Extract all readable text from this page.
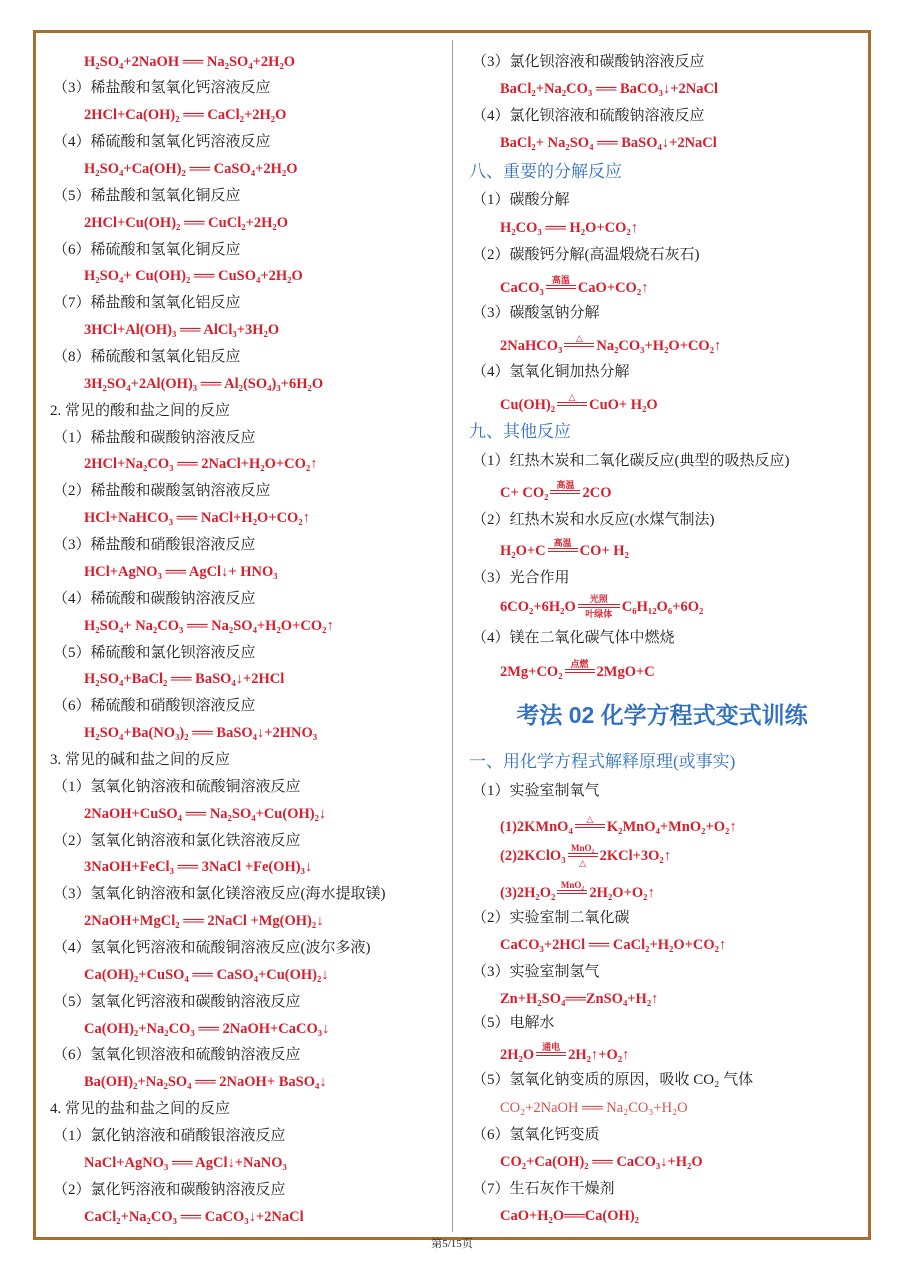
H₂SO₄+2NaOH ══ Na₂SO₄+2H₂O
（3）稀盐酸和氢氧化钙溶液反应
2HCl+Ca(OH)₂ ══ CaCl₂+2H₂O
（4）稀硫酸和氢氧化钙溶液反应
H₂SO₄+Ca(OH)₂ ══ CaSO₄+2H₂O
（5）稀盐酸和氢氧化铜反应
2HCl+Cu(OH)₂ ══ CuCl₂+2H₂O
（6）稀硫酸和氢氧化铜反应
H₂SO₄+ Cu(OH)₂ ══ CuSO₄+2H₂O
（7）稀盐酸和氢氧化铝反应
3HCl+Al(OH)₃ ══ AlCl₃+3H₂O
（8）稀硫酸和氢氧化铝反应
3H₂SO₄+2Al(OH)₃ ══ Al₂(SO₄)₃+6H₂O
2. 常见的酸和盐之间的反应
（1）稀盐酸和碳酸钠溶液反应
2HCl+Na₂CO₃ ══ 2NaCl+H₂O+CO₂↑
（2）稀盐酸和碳酸氢钠溶液反应
HCl+NaHCO₃ ══ NaCl+H₂O+CO₂↑
（3）稀盐酸和硝酸银溶液反应
HCl+AgNO₃ ══ AgCl↓+ HNO₃
（4）稀硫酸和碳酸钠溶液反应
H₂SO₄+ Na₂CO₃ ══ Na₂SO₄+H₂O+CO₂↑
（5）稀硫酸和氯化钡溶液反应
H₂SO₄+BaCl₂ ══ BaSO₄↓+2HCl
（6）稀硫酸和硝酸钡溶液反应
H₂SO₄+Ba(NO₃)₂ ══ BaSO₄↓+2HNO₃
3. 常见的碱和盐之间的反应
（1）氢氧化钠溶液和硫酸铜溶液反应
2NaOH+CuSO₄ ══ Na₂SO₄+Cu(OH)₂↓
（2）氢氧化钠溶液和氯化铁溶液反应
3NaOH+FeCl₃ ══ 3NaCl +Fe(OH)₃↓
（3）氢氧化钠溶液和氯化镁溶液反应(海水提取镁)
2NaOH+MgCl₂ ══ 2NaCl +Mg(OH)₂↓
（4）氢氧化钙溶液和硫酸铜溶液反应(波尔多液)
Ca(OH)₂+CuSO₄ ══ CaSO₄+Cu(OH)₂↓
（5）氢氧化钙溶液和碳酸钠溶液反应
Ca(OH)₂+Na₂CO₃ ══ 2NaOH+CaCO₃↓
（6）氢氧化钡溶液和硫酸钠溶液反应
Ba(OH)₂+Na₂SO₄ ══ 2NaOH+ BaSO₄↓
4. 常见的盐和盐之间的反应
（1）氯化钠溶液和硝酸银溶液反应
NaCl+AgNO₃ ══ AgCl↓+NaNO₃
（2）氯化钙溶液和碳酸钠溶液反应
CaCl₂+Na₂CO₃ ══ CaCO₃↓+2NaCl
（3）氯化钡溶液和碳酸钠溶液反应
BaCl₂+Na₂CO₃ ══ BaCO₃↓+2NaCl
（4）氯化钡溶液和硫酸钠溶液反应
BaCl₂+ Na₂SO₄ ══ BaSO₄↓+2NaCl
八、重要的分解反应
（1）碳酸分解
H₂CO₃ ══ H₂O+CO₂↑
（2）碳酸钙分解(高温煅烧石灰石)
CaCO₃ 高温 CaO+CO₂↑
（3）碳酸氢钠分解
2NaHCO₃ △ Na₂CO₃+H₂O+CO₂↑
（4）氢氧化铜加热分解
Cu(OH)₂ △ CuO+ H₂O
九、其他反应
（1）红热木炭和二氧化碳反应(典型的吸热反应)
C+ CO₂ 高温 2CO
（2）红热木炭和水反应(水煤气制法)
H₂O+C 高温 CO+ H₂
（3）光合作用
6CO₂+6H₂O 光照
叶绿体 C₆H₁₂O₆+6O₂
（4）镁在二氧化碳气体中燃烧
2Mg+CO₂ 点燃 2MgO+C
考法 02 化学方程式变式训练
一、用化学方程式解释原理(或事实)
（1）实验室制氧气
(1)2KMnO₄ △ K₂MnO₄+MnO₂+O₂↑
(2)2KClO₃ MnO₂
△ 2KCl+3O₂↑
(3)2H₂O₂ MnO₂ 2H₂O+O₂↑
（2）实验室制二氧化碳
CaCO₃+2HCl ══ CaCl₂+H₂O+CO₂↑
（3）实验室制氢气
Zn+H₂SO₄══ZnSO₄+H₂↑
（5）电解水
2H₂O 通电 2H₂↑+O₂↑
（5）氢氧化钠变质的原因，吸收 CO₂ 气体
CO₂+2NaOH ══ Na₂CO₃+H₂O
（6）氢氧化钙变质
CO₂+Ca(OH)₂ ══ CaCO₃↓+H₂O
（7）生石灰作干燥剂
CaO+H₂O══Ca(OH)₂
第5/15页
